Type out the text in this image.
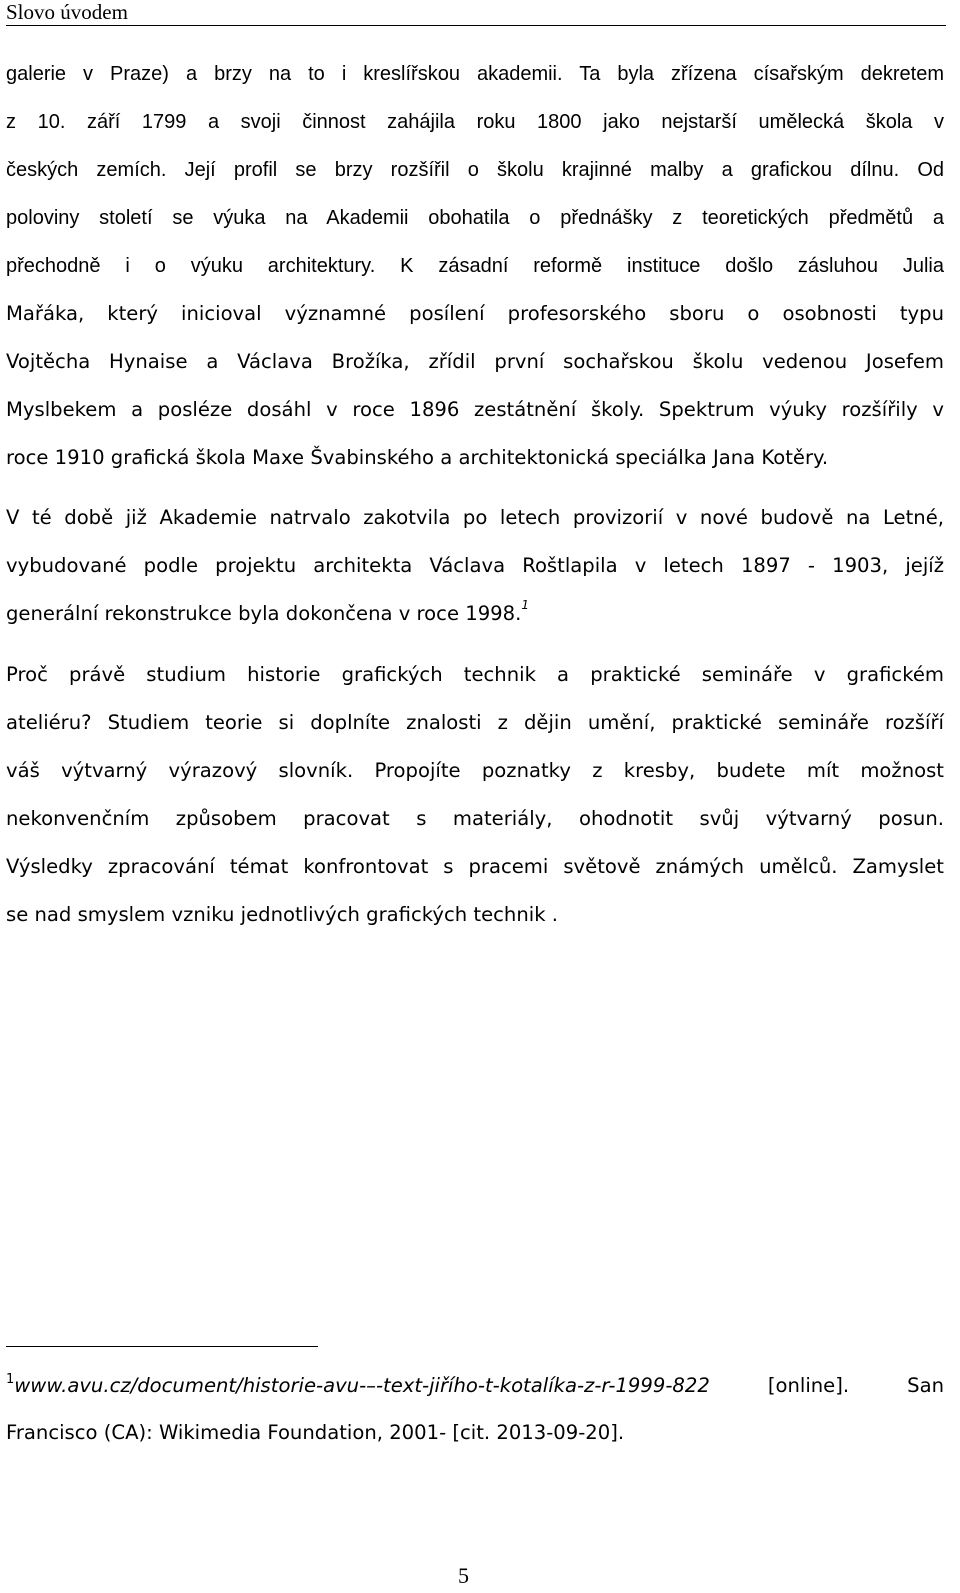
Slovo úvodem
galerie v Praze) a brzy na to i kreslířskou akademii. Ta byla zřízena císařským dekretem
z 10. září 1799 a svoji činnost zahájila roku 1800 jako nejstarší umělecká škola v
českých zemích. Její profil se brzy rozšířil o školu krajinné malby a grafickou dílnu. Od
poloviny století se výuka na Akademii obohatila o přednášky z teoretických předmětů a
přechodně i o výuku architektury. K zásadní reformě instituce došlo zásluhou Julia
Mařáka, který inicioval významné posílení profesorského sboru o osobnosti typu
Vojtěcha Hynaise a Václava Brožíka, zřídil první sochařskou školu vedenou Josefem
Myslbekem a posléze dosáhl v roce 1896 zestátnění školy. Spektrum výuky rozšířily v
roce 1910 grafická škola Maxe Švabinského a architektonická speciálka Jana Kotěry.
V té době již Akademie natrvalo zakotvila po letech provizorií v nové budově na Letné,
vybudované podle projektu architekta Václava Roštlapila v letech 1897 - 1903, jejíž
generální rekonstrukce byla dokončena v roce 1998.$^1$
Proč právě studium historie grafických technik a praktické semináře v grafickém
ateliéru? Studiem teorie si doplníte znalosti z dějin umění, praktické semináře rozšíří
váš výtvarný výrazový slovník. Propojíte poznatky z kresby, budete mít možnost
nekonvenčním způsobem pracovat s materiály, ohodnotit svůj výtvarný posun.
Výsledky zpracování témat konfrontovat s pracemi světově známých umělců. Zamyslet
se nad smyslem vzniku jednotlivých grafických technik .
$^1$www.avu.cz/document/historie-avu-–-text-jiřího-t-kotalíka-z-r-1999-822 [online]. San
Francisco (CA): Wikimedia Foundation, 2001- [cit. 2013-09-20].
5
